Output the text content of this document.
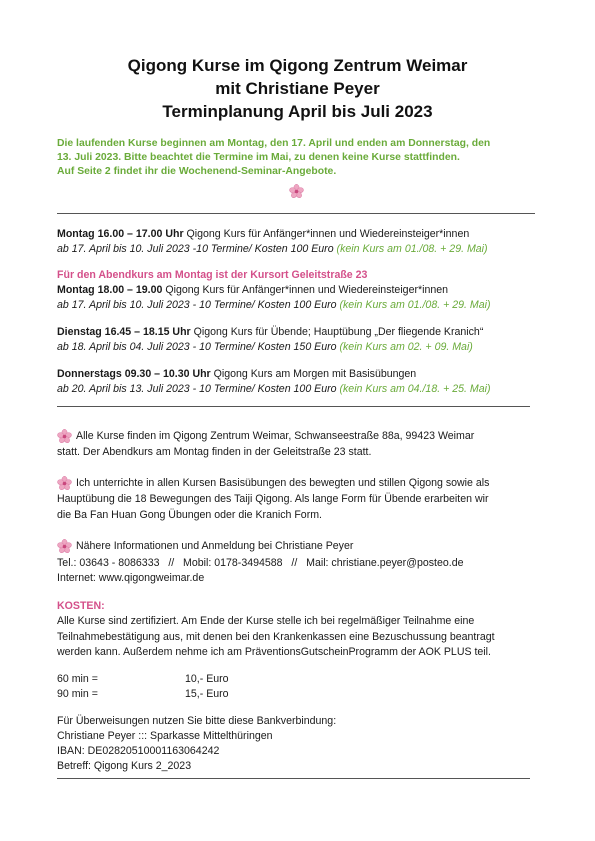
Qigong Kurse im Qigong Zentrum Weimar
mit Christiane Peyer
Terminplanung April bis Juli 2023
Die laufenden Kurse beginnen am Montag, den 17. April und enden am Donnerstag, den
13. Juli 2023. Bitte beachtet die Termine im Mai, zu denen keine Kurse stattfinden.
Auf Seite 2 findet ihr die Wochenend-Seminar-Angebote.
Montag 16.00 – 17.00 Uhr Qigong Kurs für Anfänger*innen und Wiedereinsteiger*innen
ab 17. April bis 10. Juli 2023 -10 Termine/ Kosten 100 Euro (kein Kurs am 01./08. + 29. Mai)
Für den Abendkurs am Montag ist der Kursort Geleitstraße 23
Montag 18.00 – 19.00 Qigong Kurs für Anfänger*innen und Wiedereinsteiger*innen
ab 17. April bis 10. Juli 2023 - 10 Termine/ Kosten 100 Euro (kein Kurs am 01./08. + 29. Mai)
Dienstag 16.45 – 18.15 Uhr Qigong Kurs für Übende; Hauptübung „Der fliegende Kranich“
ab 18. April bis 04. Juli 2023 - 10 Termine/ Kosten 150 Euro (kein Kurs am 02. + 09. Mai)
Donnerstags 09.30 – 10.30 Uhr Qigong Kurs am Morgen mit Basisübungen
ab 20. April bis 13. Juli 2023 - 10 Termine/ Kosten 100 Euro (kein Kurs am 04./18. + 25. Mai)
Alle Kurse finden im Qigong Zentrum Weimar, Schwanseestraße 88a, 99423 Weimar
statt. Der Abendkurs am Montag finden in der Geleitstraße 23 statt.
Ich unterrichte in allen Kursen Basisübungen des bewegten und stillen Qigong sowie als
Hauptübung die 18 Bewegungen des Taiji Qigong. Als lange Form für Übende erarbeiten wir
die Ba Fan Huan Gong Übungen oder die Kranich Form.
Nähere Informationen und Anmeldung bei Christiane Peyer
Tel.: 03643 - 8086333   //   Mobil: 0178-3494588   //   Mail: christiane.peyer@posteo.de
Internet: www.qigongweimar.de
KOSTEN:
Alle Kurse sind zertifiziert. Am Ende der Kurse stelle ich bei regelmäßiger Teilnahme eine
Teilnahmebestätigung aus, mit denen bei den Krankenkassen eine Bezuschussung beantragt
werden kann. Außerdem nehme ich am PräventionsGutscheinProgramm der AOK PLUS teil.
60 min =	10,- Euro
90 min =	15,- Euro
Für Überweisungen nutzen Sie bitte diese Bankverbindung:
Christiane Peyer ::: Sparkasse Mittelthüringen
IBAN: DE02820510001163064242
Betreff: Qigong Kurs 2_2023
